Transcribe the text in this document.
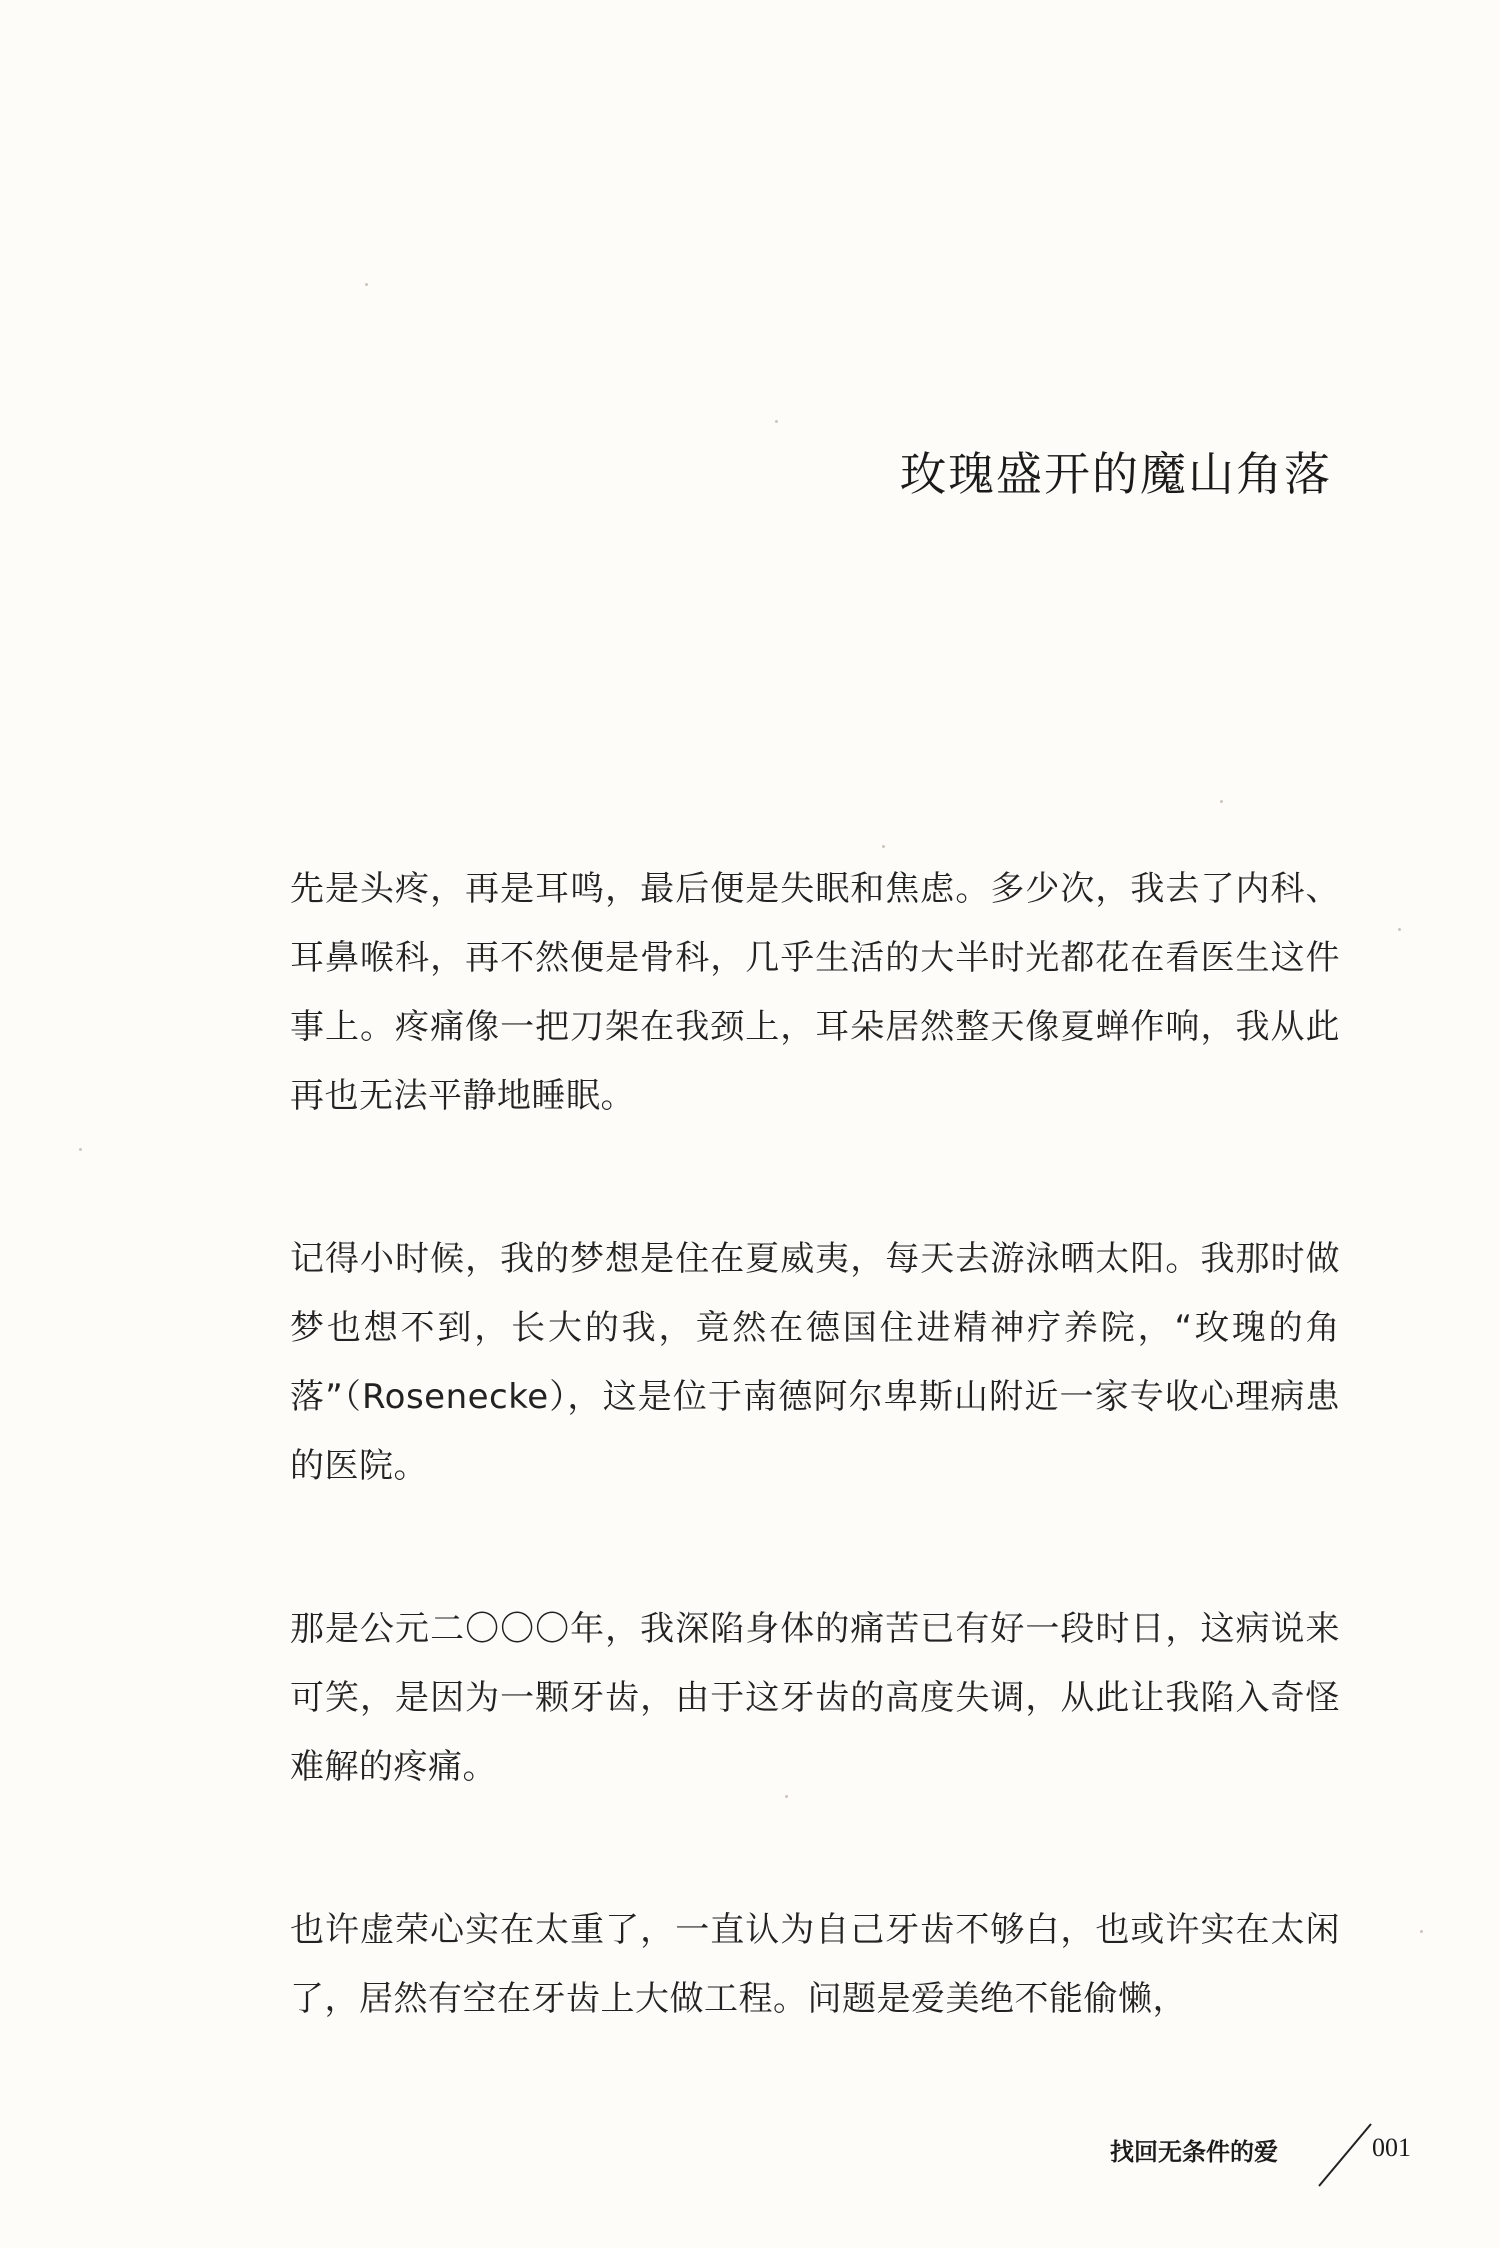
玫瑰盛开的魔山角落

先是头疼，再是耳鸣，最后便是失眠和焦虑。多少次，我去了内科、耳鼻喉科，再不然便是骨科，几乎生活的大半时光都花在看医生这件事上。疼痛像一把刀架在我颈上，耳朵居然整天像夏蝉作响，我从此再也无法平静地睡眠。

记得小时候，我的梦想是住在夏威夷，每天去游泳晒太阳。我那时做梦也想不到，长大的我，竟然在德国住进精神疗养院，“玫瑰的角落”（Rosenecke），这是位于南德阿尔卑斯山附近一家专收心理病患的医院。

那是公元二〇〇〇年，我深陷身体的痛苦已有好一段时日，这病说来可笑，是因为一颗牙齿，由于这牙齿的高度失调，从此让我陷入奇怪难解的疼痛。

也许虚荣心实在太重了，一直认为自己牙齿不够白，也或许实在太闲了，居然有空在牙齿上大做工程。问题是爱美绝不能偷懒，

找回无条件的爱	001
